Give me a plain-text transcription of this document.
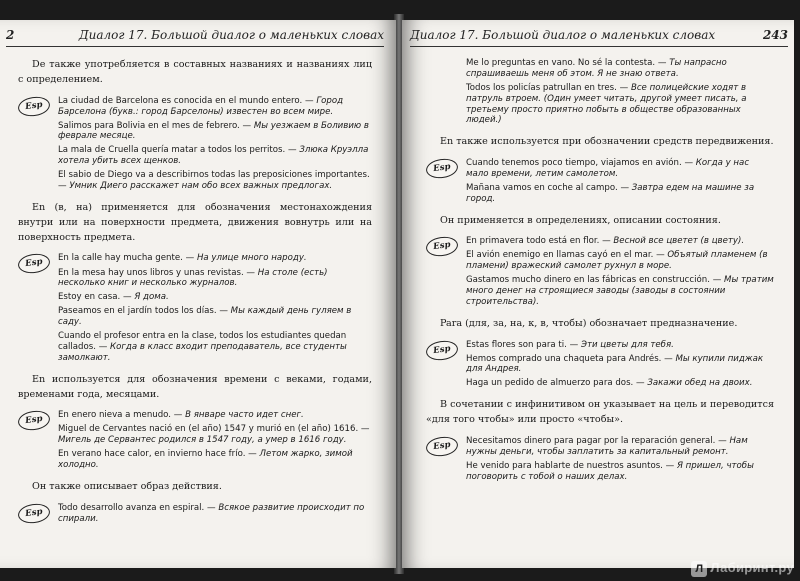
2	Диалог 17. Большой диалог о маленьких словах

De также употребляется в составных названиях и названиях лиц с определением.

Esp	La ciudad de Barcelona es conocida en el mundo entero. — Город Барселона (букв.: город Барселоны) известен во всем мире.
Salimos para Bolivia en el mes de febrero. — Мы уезжаем в Боливию в феврале месяце.
La mala de Cruella quería matar a todos los perritos. — Злюка Круэлла хотела убить всех щенков.
El sabio de Diego va a describirnos todas las preposiciones importantes. — Умник Диего расскажет нам обо всех важных предлогах.

En (в, на) применяется для обозначения местонахождения внутри или на поверхности предмета, движения вовнутрь или на поверхность предмета.

Esp	En la calle hay mucha gente. — На улице много народу.
En la mesa hay unos libros y unas revistas. — На столе (есть) несколько книг и несколько журналов.
Estoy en casa. — Я дома.
Paseamos en el jardín todos los días. — Мы каждый день гуляем в саду.
Cuando el profesor entra en la clase, todos los estudiantes quedan callados. — Когда в класс входит преподаватель, все студенты замолкают.

En используется для обозначения времени с веками, годами, временами года, месяцами.

Esp	En enero nieva a menudo. — В январе часто идет снег.
Miguel de Cervantes nació en (el año) 1547 y murió en (el año) 1616. — Мигель де Сервантес родился в 1547 году, а умер в 1616 году.
En verano hace calor, en invierno hace frío. — Летом жарко, зимой холодно.

Он также описывает образ действия.

Esp	Todo desarrollo avanza en espiral. — Всякое развитие происходит по спирали.
Диалог 17. Большой диалог о маленьких словах	243
Me lo preguntas en vano. No sé la contesta. — Ты напрасно спрашиваешь меня об этом. Я не знаю ответа.
Todos los policías patrullan en tres. — Все полицейские ходят в патруль втроем. (Один умеет читать, другой умеет писать, а третьему просто приятно побыть в обществе образованных людей.)

En также используется при обозначении средств передвижения.

Esp	Cuando tenemos poco tiempo, viajamos en avión. — Когда у нас мало времени, летим самолетом.
Mañana vamos en coche al campo. — Завтра едем на машине за город.

Он применяется в определениях, описании состояния.

Esp	En primavera todo está en flor. — Весной все цветет (в цвету).
El avión enemigo en llamas cayó en el mar. — Объятый пламенем (в пламени) вражеский самолет рухнул в море.
Gastamos mucho dinero en las fábricas en construcción. — Мы тратим много денег на строящиеся заводы (заводы в состоянии строительства).

Para (для, за, на, к, в, чтобы) обозначает предназначение.

Esp	Estas flores son para ti. — Эти цветы для тебя.
Hemos comprado una chaqueta para Andrés. — Мы купили пиджак для Андрея.
Haga un pedido de almuerzo para dos. — Закажи обед на двоих.

В сочетании с инфинитивом он указывает на цель и переводится «для того чтобы» или просто «чтобы».

Esp	Necesitamos dinero para pagar por la reparación general. — Нам нужны деньги, чтобы заплатить за капитальный ремонт.
He venido para hablarte de nuestros asuntos. — Я пришел, чтобы поговорить с тобой о наших делах.
Л Лабиринт.ру
